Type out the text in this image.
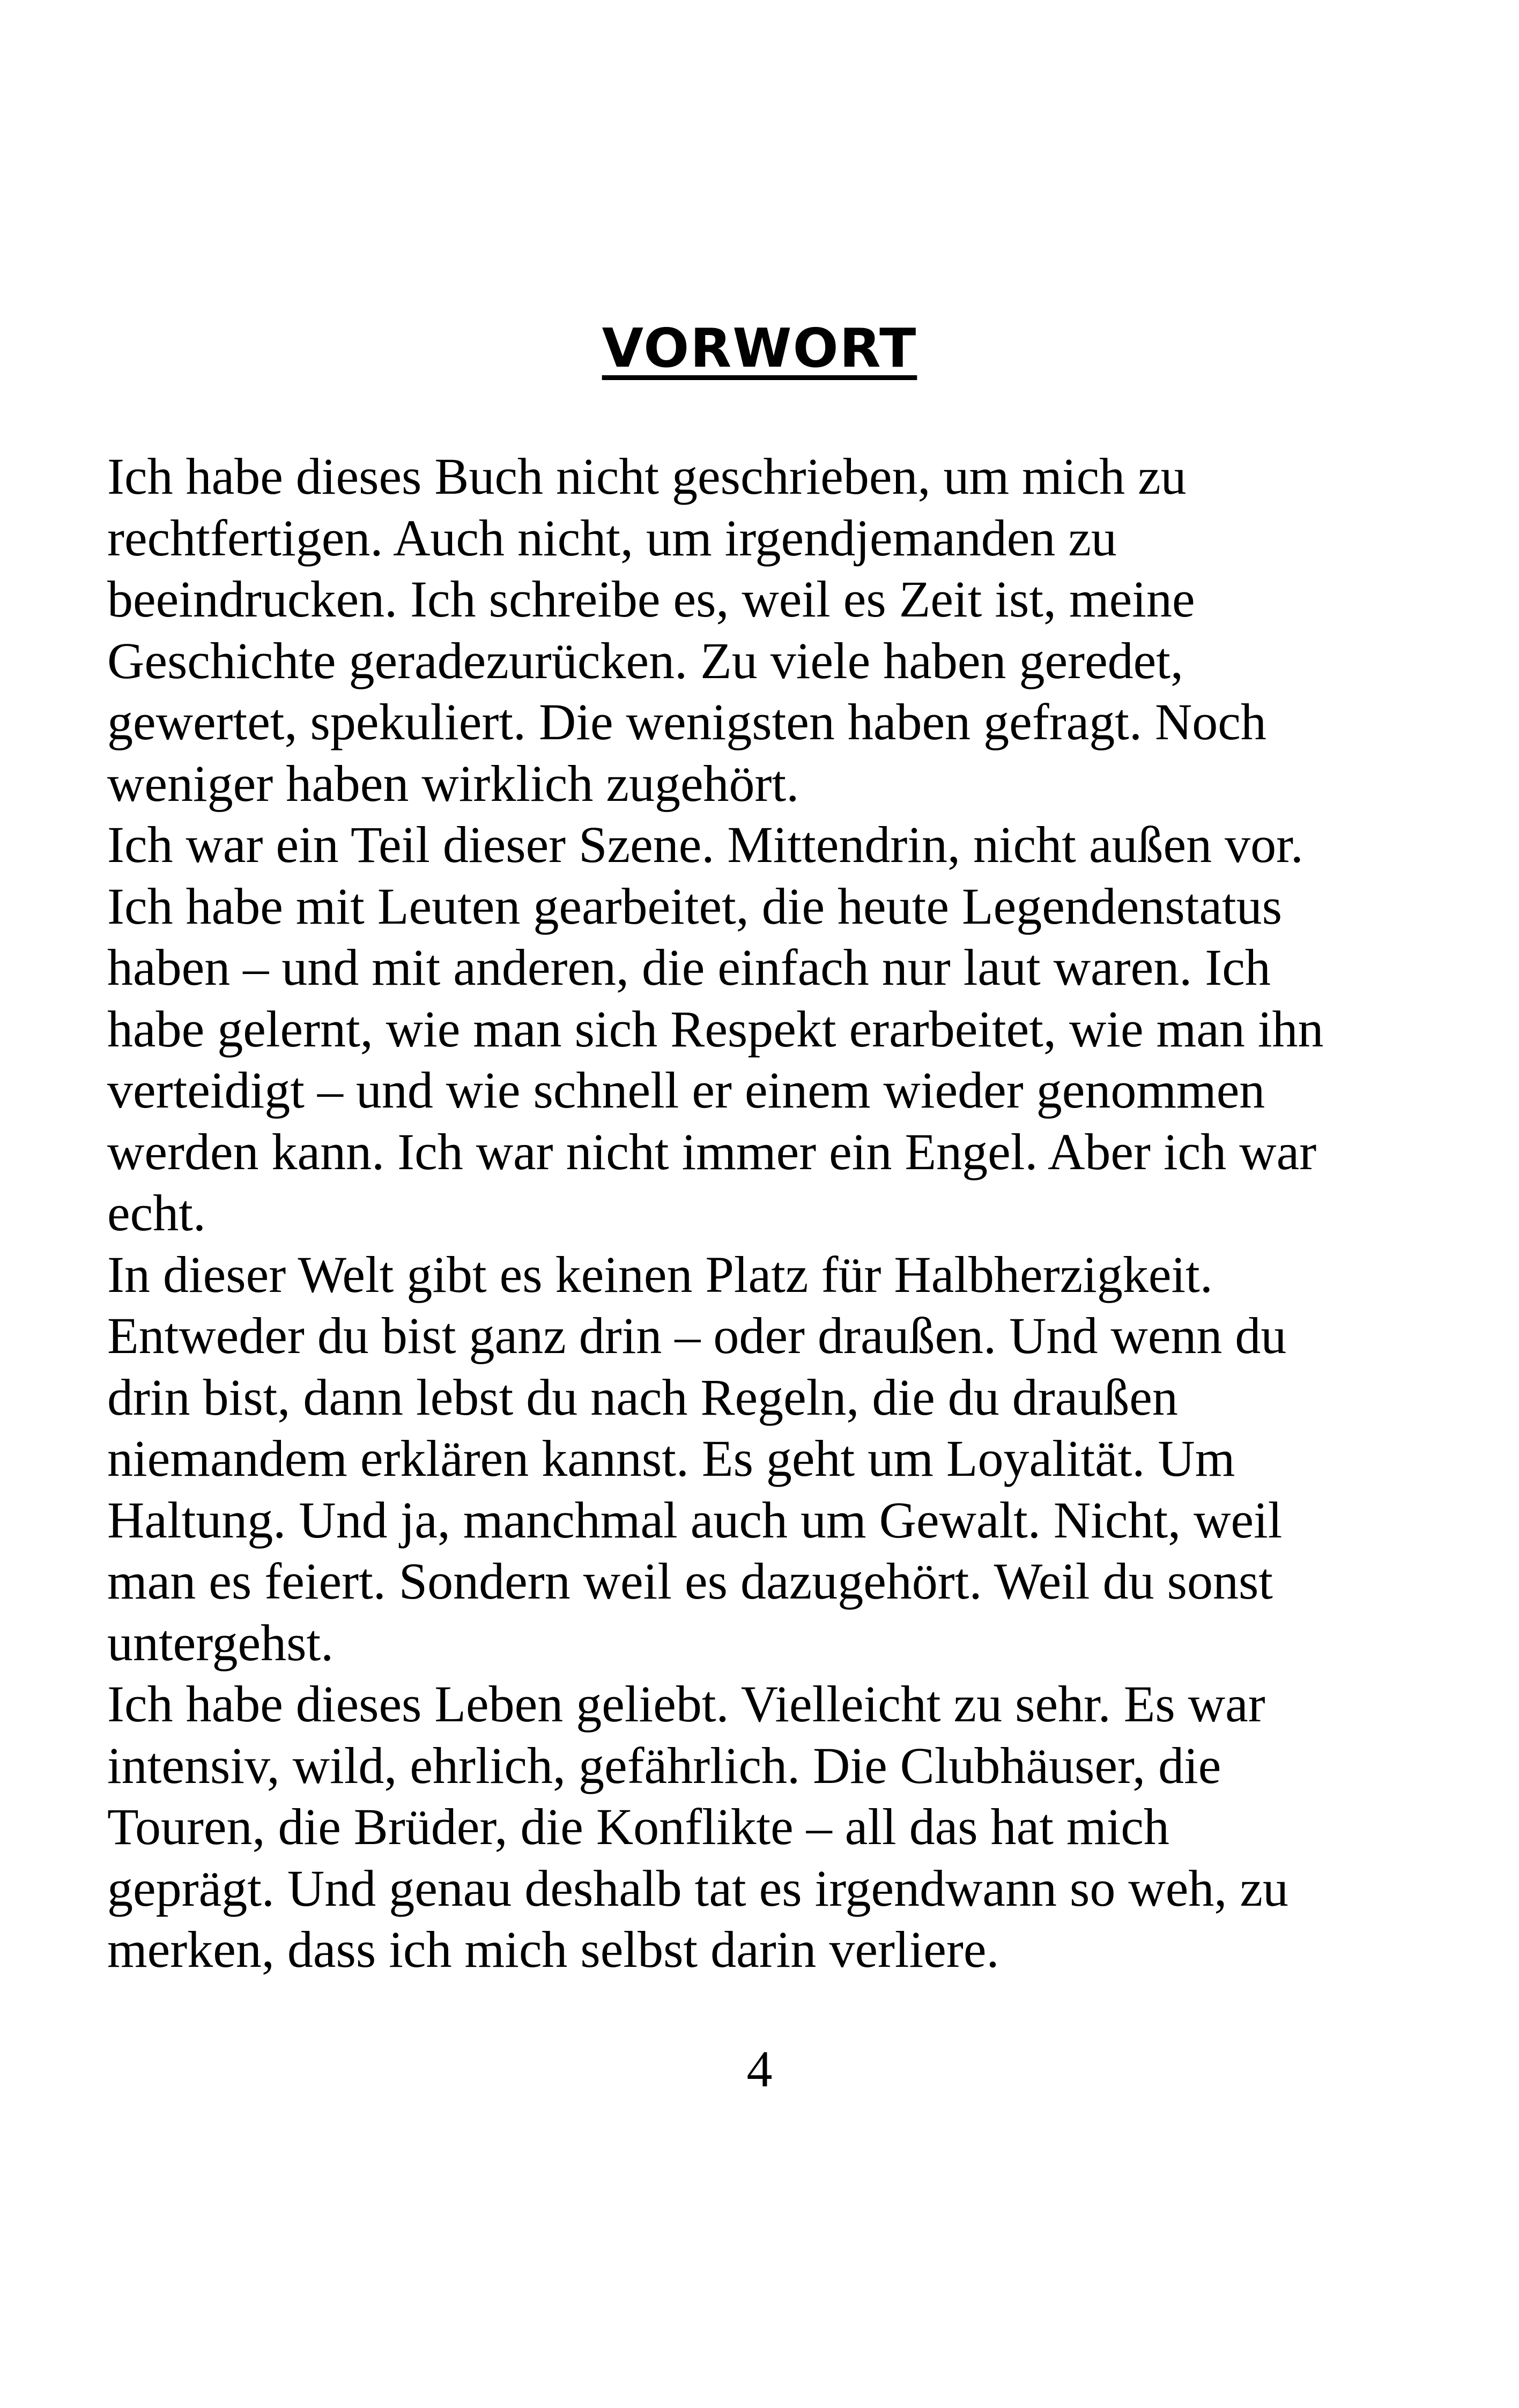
VORWORT
Ich habe dieses Buch nicht geschrieben, um mich zu
rechtfertigen. Auch nicht, um irgendjemanden zu
beeindrucken. Ich schreibe es, weil es Zeit ist, meine
Geschichte geradezurücken. Zu viele haben geredet,
gewertet, spekuliert. Die wenigsten haben gefragt. Noch
weniger haben wirklich zugehört.
Ich war ein Teil dieser Szene. Mittendrin, nicht außen vor.
Ich habe mit Leuten gearbeitet, die heute Legendenstatus
haben – und mit anderen, die einfach nur laut waren. Ich
habe gelernt, wie man sich Respekt erarbeitet, wie man ihn
verteidigt – und wie schnell er einem wieder genommen
werden kann. Ich war nicht immer ein Engel. Aber ich war
echt.
In dieser Welt gibt es keinen Platz für Halbherzigkeit.
Entweder du bist ganz drin – oder draußen. Und wenn du
drin bist, dann lebst du nach Regeln, die du draußen
niemandem erklären kannst. Es geht um Loyalität. Um
Haltung. Und ja, manchmal auch um Gewalt. Nicht, weil
man es feiert. Sondern weil es dazugehört. Weil du sonst
untergehst.
Ich habe dieses Leben geliebt. Vielleicht zu sehr. Es war
intensiv, wild, ehrlich, gefährlich. Die Clubhäuser, die
Touren, die Brüder, die Konflikte – all das hat mich
geprägt. Und genau deshalb tat es irgendwann so weh, zu
merken, dass ich mich selbst darin verliere.
4
